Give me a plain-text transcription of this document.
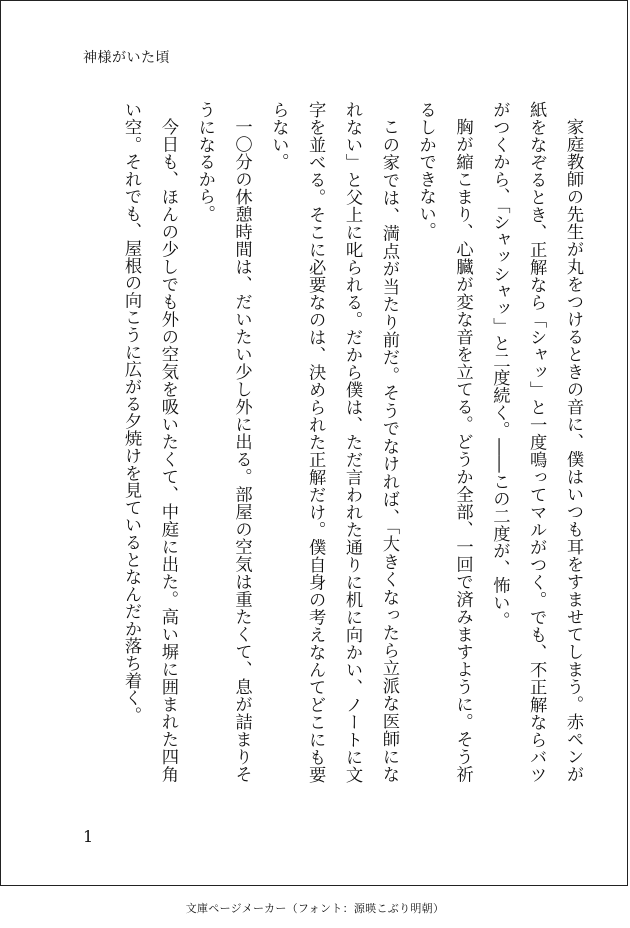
神様がいた頃

家庭教師の先生が丸をつけるときの音に、僕はいつも耳をすませてしまう。赤ペンが紙をなぞるとき、正解なら「シャッ」と一度鳴ってマルがつく。でも、不正解ならバツがつくから、「シャッシャッ」と二度続く。――この二度が、怖い。

胸が縮こまり、心臓が変な音を立てる。どうか全部、一回で済みますように。そう祈るしかできない。

この家では、満点が当たり前だ。そうでなければ、「大きくなったら立派な医師になれない」と父上に叱られる。だから僕は、ただ言われた通りに机に向かい、ノートに文字を並べる。そこに必要なのは、決められた正解だけ。僕自身の考えなんてどこにも要らない。

一〇分の休憩時間は、だいたい少し外に出る。部屋の空気は重たくて、息が詰まりそうになるから。

今日も、ほんの少しでも外の空気を吸いたくて、中庭に出た。高い塀に囲まれた四角い空。それでも、屋根の向こうに広がる夕焼けを見ているとなんだか落ち着く。

1
文庫ページメーカー（フォント：源暎こぶり明朝）
